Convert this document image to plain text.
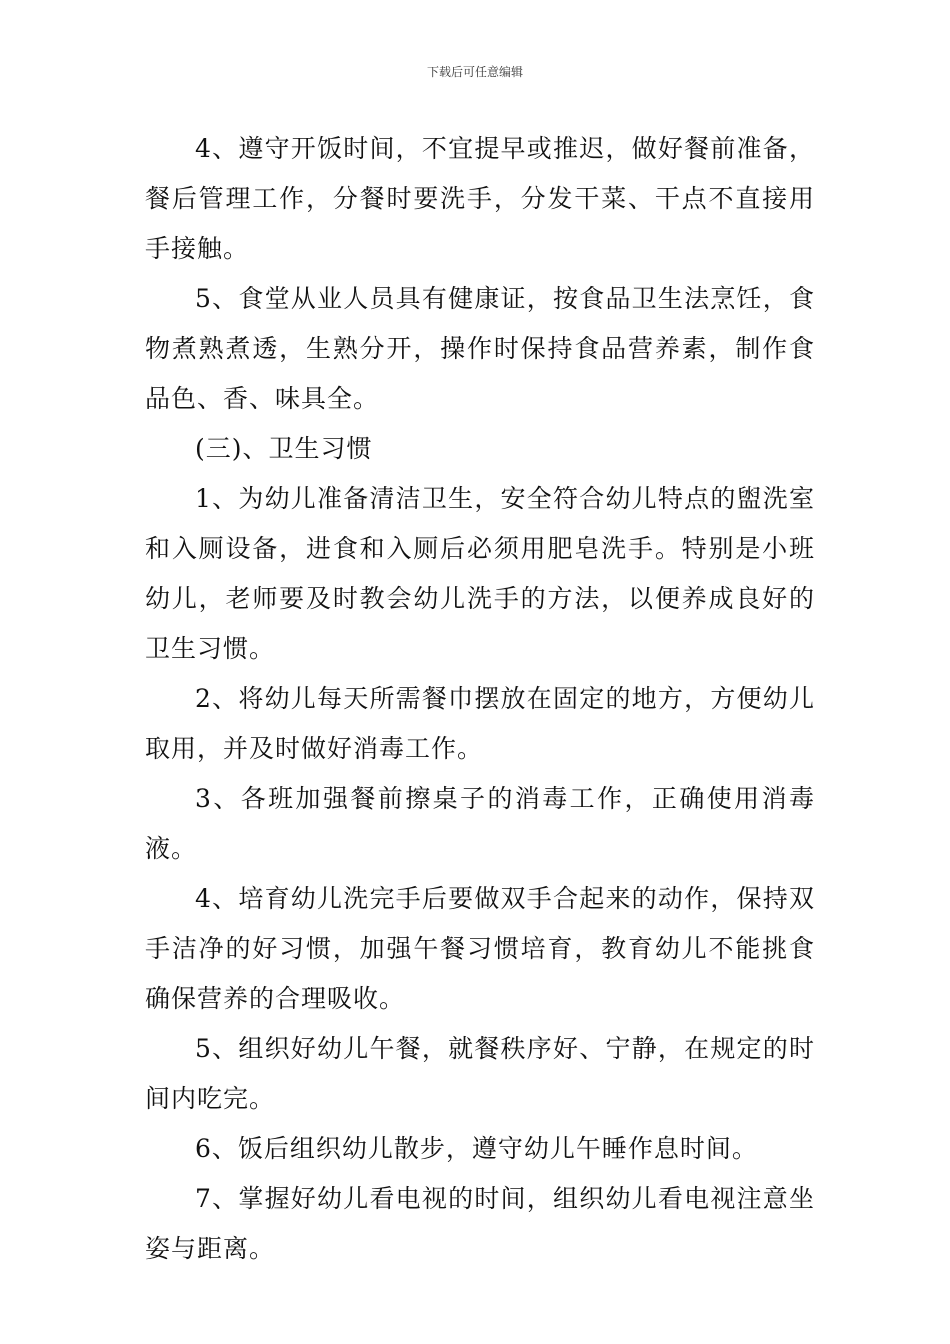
下载后可任意编辑

4、遵守开饭时间，不宜提早或推迟，做好餐前准备，餐后管理工作，分餐时要洗手，分发干菜、干点不直接用手接触。

5、食堂从业人员具有健康证，按食品卫生法烹饪，食物煮熟煮透，生熟分开，操作时保持食品营养素，制作食品色、香、味具全。

(三)、卫生习惯

1、为幼儿准备清洁卫生，安全符合幼儿特点的盥洗室和入厕设备，进食和入厕后必须用肥皂洗手。特别是小班幼儿，老师要及时教会幼儿洗手的方法，以便养成良好的卫生习惯。

2、将幼儿每天所需餐巾摆放在固定的地方，方便幼儿取用，并及时做好消毒工作。

3、各班加强餐前擦桌子的消毒工作，正确使用消毒液。

4、培育幼儿洗完手后要做双手合起来的动作，保持双手洁净的好习惯，加强午餐习惯培育，教育幼儿不能挑食确保营养的合理吸收。

5、组织好幼儿午餐，就餐秩序好、宁静，在规定的时间内吃完。

6、饭后组织幼儿散步，遵守幼儿午睡作息时间。

7、掌握好幼儿看电视的时间，组织幼儿看电视注意坐姿与距离。
